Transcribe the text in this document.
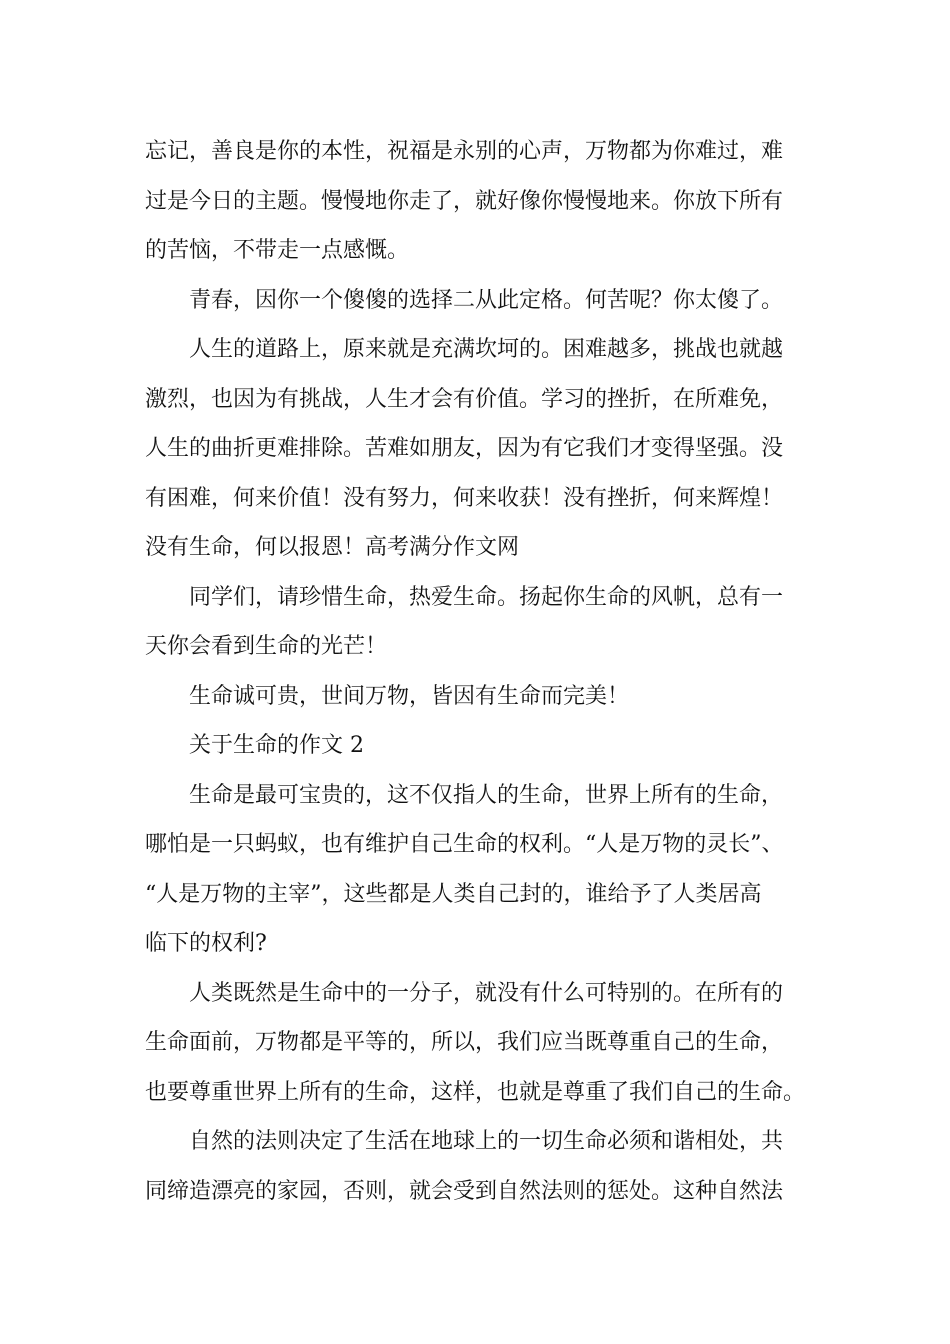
忘记，善良是你的本性，祝福是永别的心声，万物都为你难过，难
过是今日的主题。慢慢地你走了，就好像你慢慢地来。你放下所有
的苦恼，不带走一点感慨。
青春，因你一个傻傻的选择二从此定格。何苦呢？你太傻了。
人生的道路上，原来就是充满坎坷的。困难越多，挑战也就越
激烈，也因为有挑战，人生才会有价值。学习的挫折，在所难免，
人生的曲折更难排除。苦难如朋友，因为有它我们才变得坚强。没
有困难，何来价值！没有努力，何来收获！没有挫折，何来辉煌！
没有生命，何以报恩！高考满分作文网
同学们，请珍惜生命，热爱生命。扬起你生命的风帆，总有一
天你会看到生命的光芒！
生命诚可贵，世间万物，皆因有生命而完美！
关于生命的作文 2
生命是最可宝贵的，这不仅指人的生命，世界上所有的生命，
哪怕是一只蚂蚁，也有维护自己生命的权利。“人是万物的灵长”、
“人是万物的主宰”，这些都是人类自己封的，谁给予了人类居高
临下的权利?
人类既然是生命中的一分子，就没有什么可特别的。在所有的
生命面前，万物都是平等的，所以，我们应当既尊重自己的生命，
也要尊重世界上所有的生命，这样，也就是尊重了我们自己的生命。
自然的法则决定了生活在地球上的一切生命必须和谐相处，共
同缔造漂亮的家园，否则，就会受到自然法则的惩处。这种自然法
